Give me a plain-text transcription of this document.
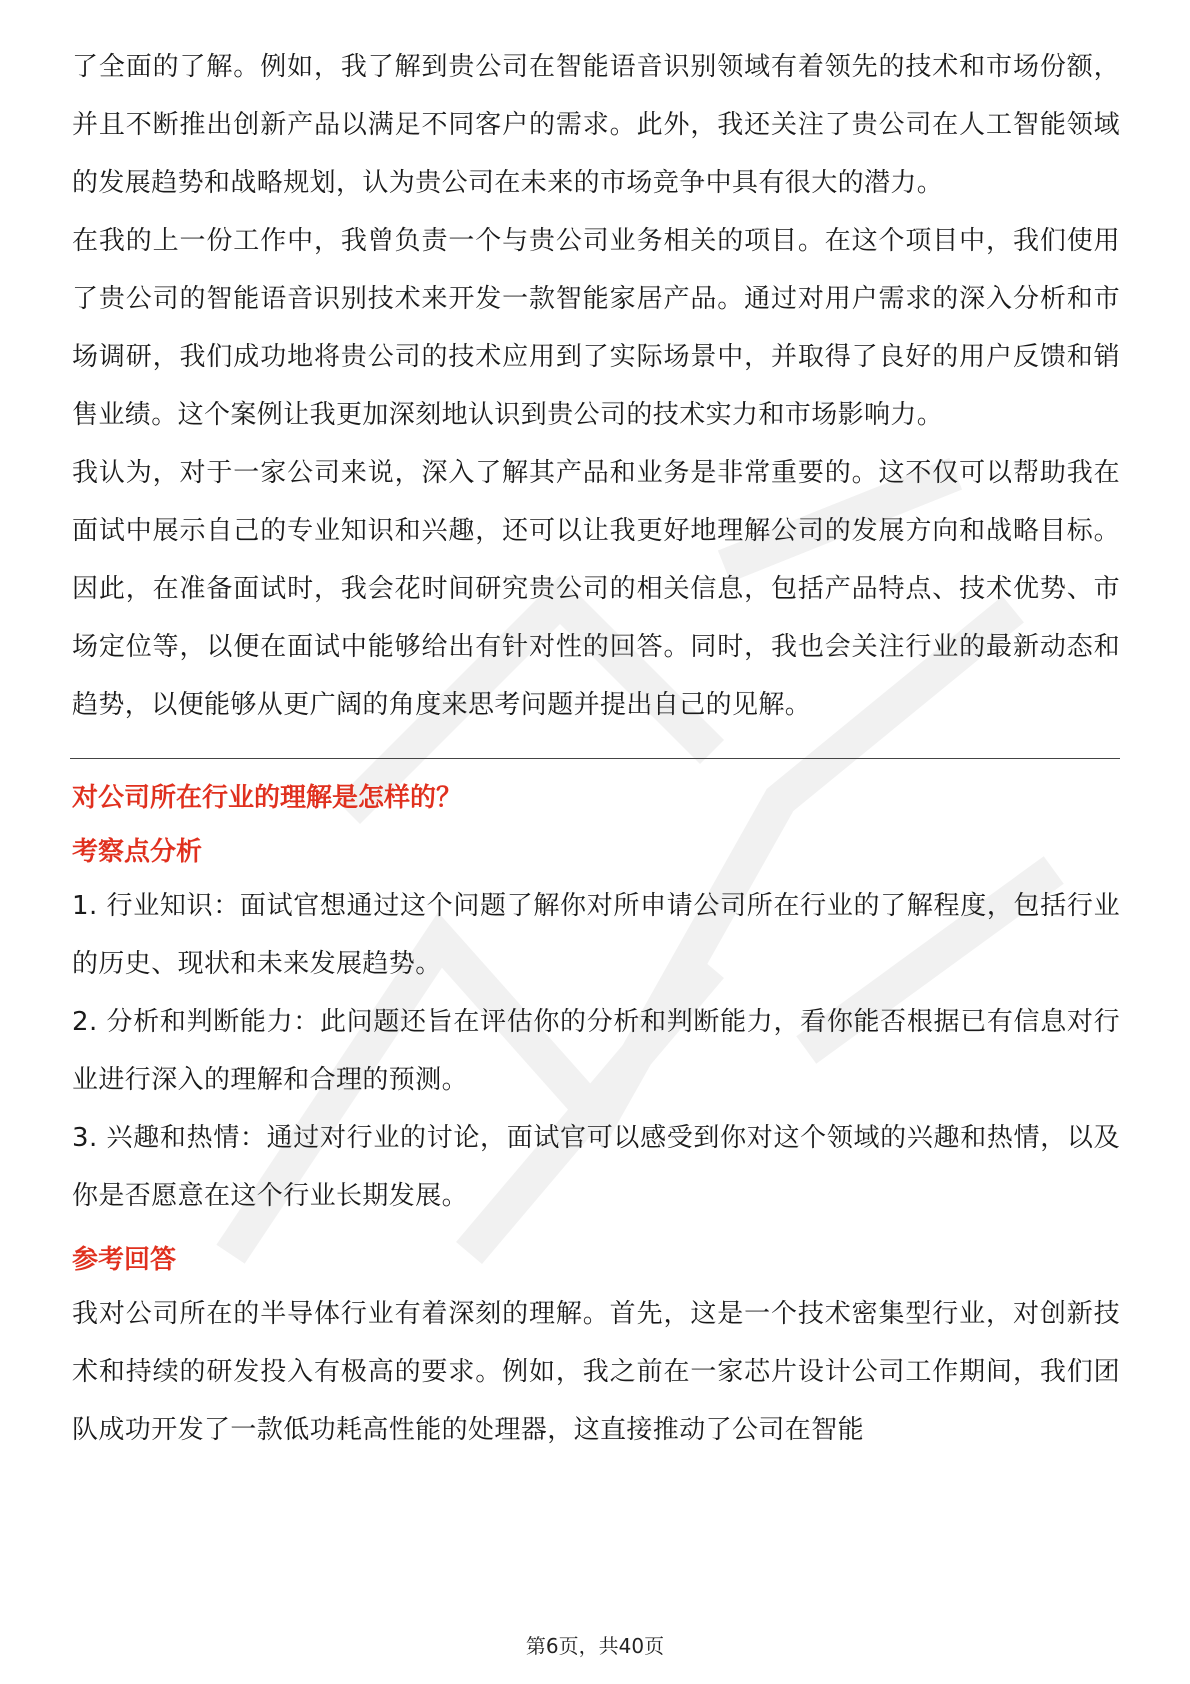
了全面的了解。例如，我了解到贵公司在智能语音识别领域有着领先的技术和市场份额，并且不断推出创新产品以满足不同客户的需求。此外，我还关注了贵公司在人工智能领域的发展趋势和战略规划，认为贵公司在未来的市场竞争中具有很大的潜力。

在我的上一份工作中，我曾负责一个与贵公司业务相关的项目。在这个项目中，我们使用了贵公司的智能语音识别技术来开发一款智能家居产品。通过对用户需求的深入分析和市场调研，我们成功地将贵公司的技术应用到了实际场景中，并取得了良好的用户反馈和销售业绩。这个案例让我更加深刻地认识到贵公司的技术实力和市场影响力。

我认为，对于一家公司来说，深入了解其产品和业务是非常重要的。这不仅可以帮助我在面试中展示自己的专业知识和兴趣，还可以让我更好地理解公司的发展方向和战略目标。因此，在准备面试时，我会花时间研究贵公司的相关信息，包括产品特点、技术优势、市场定位等，以便在面试中能够给出有针对性的回答。同时，我也会关注行业的最新动态和趋势，以便能够从更广阔的角度来思考问题并提出自己的见解。

对公司所在行业的理解是怎样的？
考察点分析

1. 行业知识：面试官想通过这个问题了解你对所申请公司所在行业的了解程度，包括行业的历史、现状和未来发展趋势。

2. 分析和判断能力：此问题还旨在评估你的分析和判断能力，看你能否根据已有信息对行业进行深入的理解和合理的预测。

3. 兴趣和热情：通过对行业的讨论，面试官可以感受到你对这个领域的兴趣和热情，以及你是否愿意在这个行业长期发展。

参考回答

我对公司所在的半导体行业有着深刻的理解。首先，这是一个技术密集型行业，对创新技术和持续的研发投入有极高的要求。例如，我之前在一家芯片设计公司工作期间，我们团队成功开发了一款低功耗高性能的处理器，这直接推动了公司在智能

第6页，共40页
